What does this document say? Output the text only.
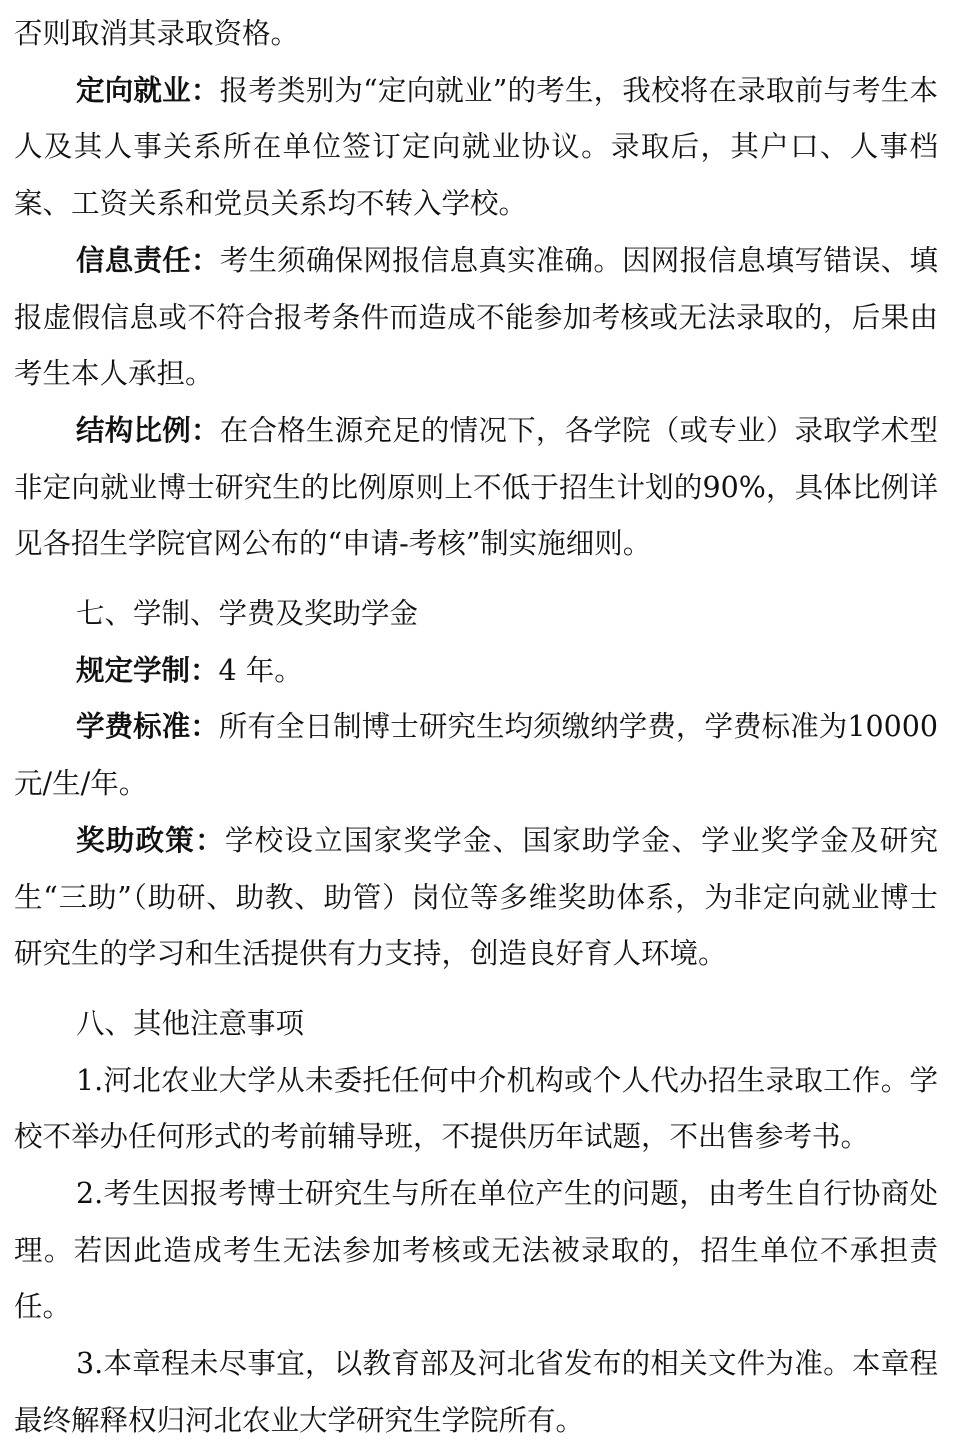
否则取消其录取资格。

定向就业：报考类别为“定向就业”的考生，我校将在录取前与考生本人及其人事关系所在单位签订定向就业协议。录取后，其户口、人事档案、工资关系和党员关系均不转入学校。

信息责任：考生须确保网报信息真实准确。因网报信息填写错误、填报虚假信息或不符合报考条件而造成不能参加考核或无法录取的，后果由考生本人承担。

结构比例：在合格生源充足的情况下，各学院（或专业）录取学术型非定向就业博士研究生的比例原则上不低于招生计划的90%，具体比例详见各招生学院官网公布的“申请-考核”制实施细则。

七、学制、学费及奖助学金

规定学制：4 年。

学费标准：所有全日制博士研究生均须缴纳学费，学费标准为10000 元/生/年。

奖助政策：学校设立国家奖学金、国家助学金、学业奖学金及研究生“三助”（助研、助教、助管）岗位等多维奖助体系，为非定向就业博士研究生的学习和生活提供有力支持，创造良好育人环境。

八、其他注意事项

1.河北农业大学从未委托任何中介机构或个人代办招生录取工作。学校不举办任何形式的考前辅导班，不提供历年试题，不出售参考书。

2.考生因报考博士研究生与所在单位产生的问题，由考生自行协商处理。若因此造成考生无法参加考核或无法被录取的，招生单位不承担责任。

3.本章程未尽事宜，以教育部及河北省发布的相关文件为准。本章程最终解释权归河北农业大学研究生学院所有。
